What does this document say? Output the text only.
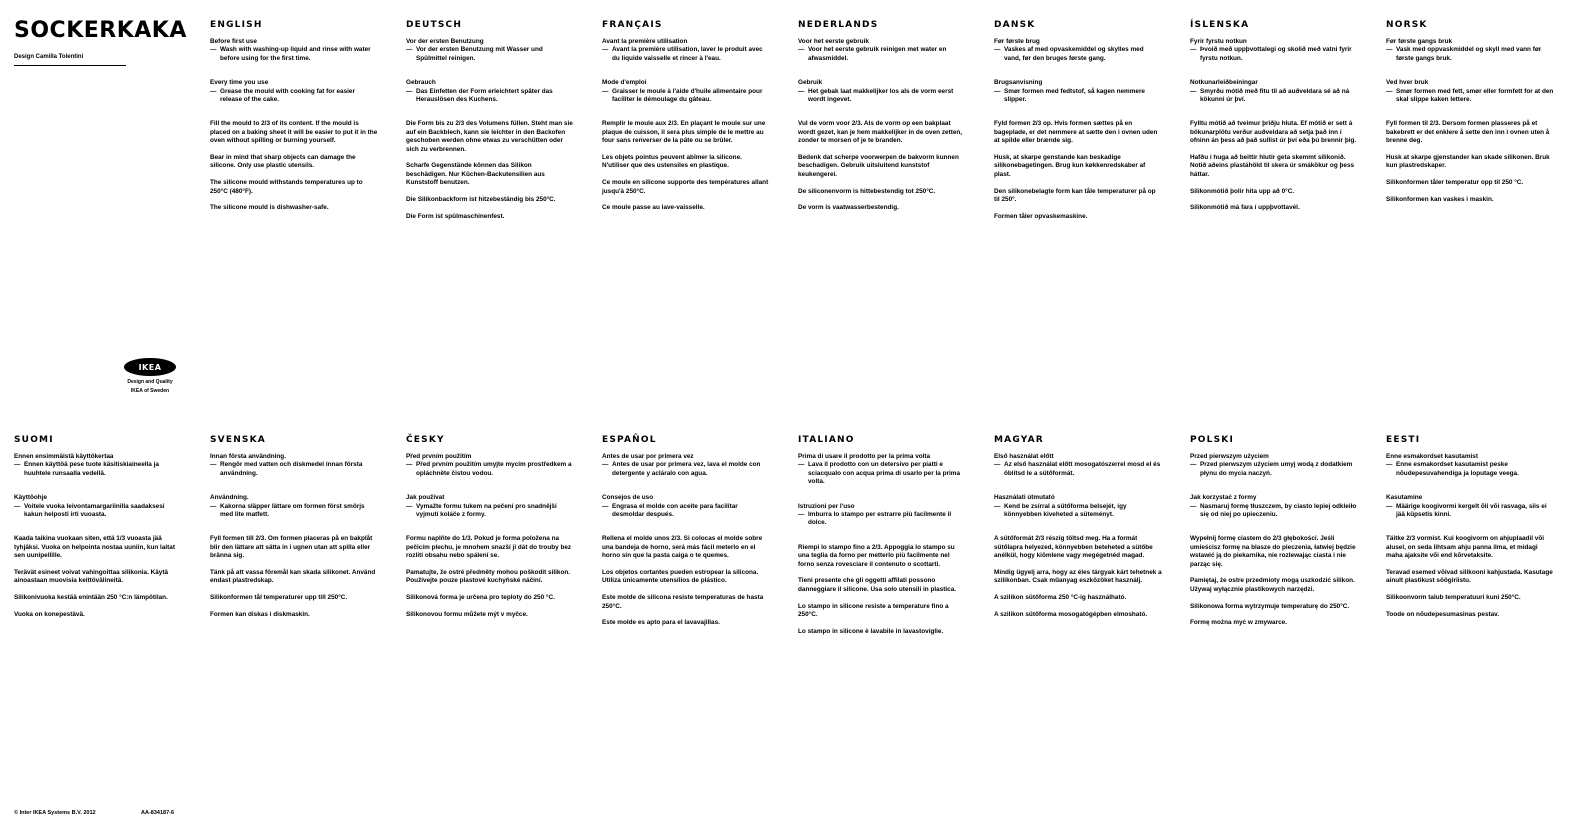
SOCKERKAKA
Design Camilla Tolentini
IKEA
Design and Quality
IKEA of Sweden
ENGLISH
Before first use
— Wash with washing-up liquid and rinse with water before using for the first time.
Every time you use
— Grease the mould with cooking fat for easier release of the cake.
Fill the mould to 2/3 of its content. If the mould is placed on a baking sheet it will be easier to put it in the oven without spilling or burning yourself.
Bear in mind that sharp objects can damage the silicone. Only use plastic utensils.
The silicone mould withstands temperatures up to 250°C (480°F).
The silicone mould is dishwasher-safe.
DEUTSCH
Vor der ersten Benutzung
— Vor der ersten Benutzung mit Wasser und Spülmittel reinigen.
Gebrauch
— Das Einfetten der Form erleichtert später das Herauslösen des Kuchens.
Die Form bis zu 2/3 des Volumens füllen. Steht man sie auf ein Backblech, kann sie leichter in den Backofen geschoben werden ohne etwas zu verschütten oder sich zu verbrennen.
Scharfe Gegenstände können das Silikon beschädigen. Nur Küchen-Backutensilien aus Kunststoff benutzen.
Die Silikonbackform ist hitzebeständig bis 250°C.
Die Form ist spülmaschinenfest.
FRANÇAIS
Avant la première utilisation
— Avant la première utilisation, laver le produit avec du liquide vaisselle et rincer à l'eau.
Mode d'emploi
— Graisser le moule à l'aide d'huile alimentaire pour faciliter le démoulage du gâteau.
Remplir le moule aux 2/3. En plaçant le moule sur une plaque de cuisson, il sera plus simple de le mettre au four sans renverser de la pâte ou se brûler.
Les objets pointus peuvent abîmer la silicone. N'utiliser que des ustensiles en plastique.
Ce moule en silicone supporte des températures allant jusqu'à 250°C.
Ce moule passe au lave-vaisselle.
NEDERLANDS
Voor het eerste gebruik
— Voor het eerste gebruik reinigen met water en afwasmiddel.
Gebruik
— Het gebak laat makkelijker los als de vorm eerst wordt ingevet.
Vul de vorm voor 2/3. Als de vorm op een bakplaat wordt gezet, kan je hem makkelijker in de oven zetten, zonder te morsen of je te branden.
Bedenk dat scherpe voorwerpen de bakvorm kunnen beschadigen. Gebruik uitsluitend kunststof keukengerei.
De siliconenvorm is hittebestendig tot 250°C.
De vorm is vaatwasserbestendig.
DANSK
Før første brug
— Vaskes af med opvaskemiddel og skylles med vand, før den bruges første gang.
Brugsanvisning
— Smør formen med fedtstof, så kagen nemmere slipper.
Fyld formen 2/3 op. Hvis formen sættes på en bageplade, er det nemmere at sætte den i ovnen uden at spilde eller brænde sig.
Husk, at skarpe genstande kan beskadige silikonebagetingen. Brug kun køkkenredskaber af plast.
Den silikonebelagte form kan tåle temperaturer på op til 250°.
Formen tåler opvaskemaskine.
ÍSLENSKA
Fyrir fyrstu notkun
— Þvoið með uppþvottalegi og skolið með vatni fyrir fyrstu notkun.
Notkunarleiðbeiningar
— Smyrðu mótið með fitu til að auðveldara sé að ná kökunni úr því.
Fylltu mótið að tveimur þriðju hluta. Ef mótið er sett á bökunarplötu verður auðveldara að setja það inn í ofninn án þess að það sullist úr því eða þú brennir þig.
Hafðu í huga að beittir hlutir geta skemmt sílikonið. Notið aðeins plastáhöld til skera úr smákökur og þess háttar.
Sílikonmótið þolir hita upp að 0°C.
Sílikonmótið má fara í uppþvottavél.
NORSK
Før første gangs bruk
— Vask med oppvaskmiddel og skyll med vann før første gangs bruk.
Ved hver bruk
— Smør formen med fett, smør eller formfett for at den skal slippe kaken lettere.
Fyll formen til 2/3. Dersom formen plasseres på et bakebrett er det enklere å sette den inn i ovnen uten å brenne deg.
Husk at skarpe gjenstander kan skade silikonen. Bruk kun plastredskaper.
Silikonformen tåler temperatur opp til 250 °C.
Silikonformen kan vaskes i maskin.
SUOMI
Ennen ensimmäistä käyttökertaa
— Ennen käyttöä pese tuote käsitiskiaineella ja huuhtele runsaalla vedellä.
Käyttöohje
— Voitele vuoka leivontamargariinilla saadaksesi kakun helposti irti vuoasta.
Kaada taikina vuokaan siten, että 1/3 vuoasta jää tyhjäksi. Vuoka on helpointa nostaa uuniin, kun laitat sen uunipellille.
Terävät esineet voivat vahingoittaa silikonia. Käytä ainoastaan muovisia keittövälineitä.
Silikonivuoka kestää enintään 250 °C:n lämpötilan.
Vuoka on konepestävä.
SVENSKA
Innan första användning.
— Rengör med vatten och diskmedel innan första användning.
Användning.
— Kakorna släpper lättare om formen först smörjs med lite matfett.
Fyll formen till 2/3. Om formen placeras på en bakplåt blir den lättare att sätta in i ugnen utan att spilla eller bränna sig.
Tänk på att vassa föremål kan skada silikonet. Använd endast plastredskap.
Silikonformen tål temperaturer upp till 250°C.
Formen kan diskas i diskmaskin.
ČESKY
Před prvním použitím
— Před prvním použitím umyjte mycím prostředkem a opláchněte čistou vodou.
Jak používat
— Vymažte formu tukem na pečení pro snadnější vyjmutí koláče z formy.
Formu naplňte do 1/3. Pokud je forma položena na pečicím plechu, je mnohem snazší ji dát do trouby bez rozlití obsahu nebo spálení se.
Pamatujte, že ostré předměty mohou poškodit silikon. Používejte pouze plastové kuchyňské náčiní.
Silikonová forma je určena pro teploty do 250 °C.
Silikonovou formu můžete mýt v myčce.
ESPAÑOL
Antes de usar por primera vez
— Antes de usar por primera vez, lava el molde con detergente y acláralo con agua.
Consejos de uso
— Engrasa el molde con aceite para facilitar desmoldar después.
Rellena el molde unos 2/3. Si colocas el molde sobre una bandeja de horno, será más fácil meterlo en el horno sin que la pasta caiga o te quemes.
Los objetos cortantes pueden estropear la silicona. Utiliza únicamente utensilios de plástico.
Este molde de silicona resiste temperaturas de hasta 250°C.
Este molde es apto para el lavavajillas.
ITALIANO
Prima di usare il prodotto per la prima volta
— Lava il prodotto con un detersivo per piatti e sciacqualo con acqua prima di usarlo per la prima volta.
Istruzioni per l'uso
— Imburra lo stampo per estrarre più facilmente il dolce.
Riempi lo stampo fino a 2/3. Appoggia lo stampo su una teglia da forno per metterlo più facilmente nel forno senza rovesciare il contenuto o scottarti.
Tieni presente che gli oggetti affilati possono danneggiare il silicone. Usa solo utensili in plastica.
Lo stampo in silicone resiste a temperature fino a 250°C.
Lo stampo in silicone è lavabile in lavastoviglie.
MAGYAR
Első használat előtt
— Az első használat előtt mosogatószerrel mosd el és öblítsd le a sütőformát.
Használati útmutató
— Kend be zsírral a sütőforma belsejét, így könnyebben kiveheted a süteményt.
A sütőformát 2/3 részig töltsd meg. Ha a formát sütőlapra helyezed, könnyebben beteheted a sütőbe anélkül, hogy kiömlene vagy megégetnéd magad.
Mindig ügyelj arra, hogy az éles tárgyak kárt tehetnek a szilikonban. Csak műanyag eszközöket használj.
A szilikon sütőforma 250 °C-ig használható.
A szilikon sütőforma mosogatógépben elmosható.
POLSKI
Przed pierwszym użyciem
— Przed pierwszym użyciem umyj wodą z dodatkiem płynu do mycia naczyń.
Jak korzystać z formy
— Nasmaruj formę tłuszczem, by ciasto lepiej odkleiło się od niej po upieczeniu.
Wypełnij formę ciastem do 2/3 głębokości. Jeśli umieścisz formę na blasze do pieczenia, łatwiej będzie wstawić ją do piekarnika, nie rozlewając ciasta i nie parząc się.
Pamiętaj, że ostre przedmioty mogą uszkodzić silikon. Używaj wyłącznie plastikowych narzędzi.
Silikonowa forma wytrzymuje temperaturę do 250°C.
Formę można myć w zmywarce.
EESTI
Enne esmakordset kasutamist
— Enne esmakordset kasutamist peske nõudepesuvahendiga ja loputage veega.
Kasutamine
— Määrige koogivormi kergelt õli või rasvaga, siis ei jää küpsetis kinni.
Täitke 2/3 vormist. Kui koogivorm on ahjuplaadil või alusel, on seda lihtsam ahju panna ilma, et midagi maha ajaksite või end kõrvetaksite.
Teravad esemed võivad silikooni kahjustada. Kasutage ainult plastikust söögiriistu.
Silikoonvorm talub temperatuuri kuni 250°C.
Toode on nõudepesumasinas pestav.
© Inter IKEA Systems B.V. 2012	AA-834187-6
